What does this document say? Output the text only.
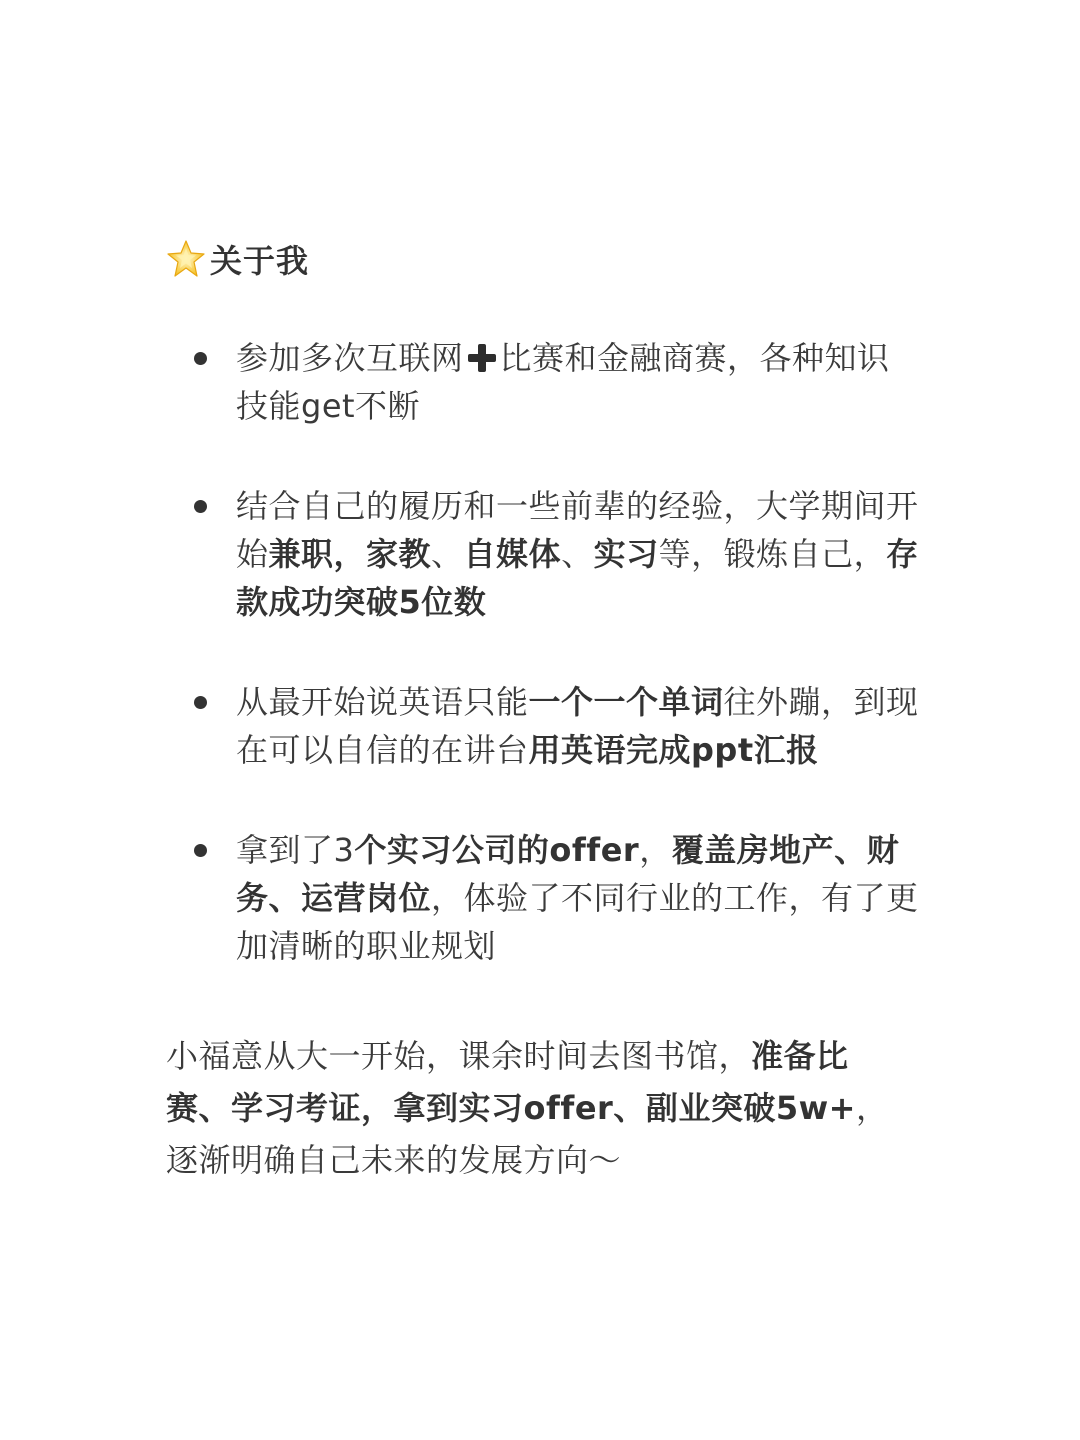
关于我
参加多次互联网 比赛和金融商赛，各种知识技能get不断
结合自己的履历和一些前辈的经验，大学期间开始兼职，家教、自媒体、实习等，锻炼自己，存款成功突破5位数
从最开始说英语只能一个一个单词往外蹦，到现在可以自信的在讲台用英语完成ppt汇报
拿到了3个实习公司的offer，覆盖房地产、财务、运营岗位，体验了不同行业的工作，有了更加清晰的职业规划

小福意从大一开始，课余时间去图书馆，准备比赛、学习考证，拿到实习offer、副业突破5w+，逐渐明确自己未来的发展方向～
